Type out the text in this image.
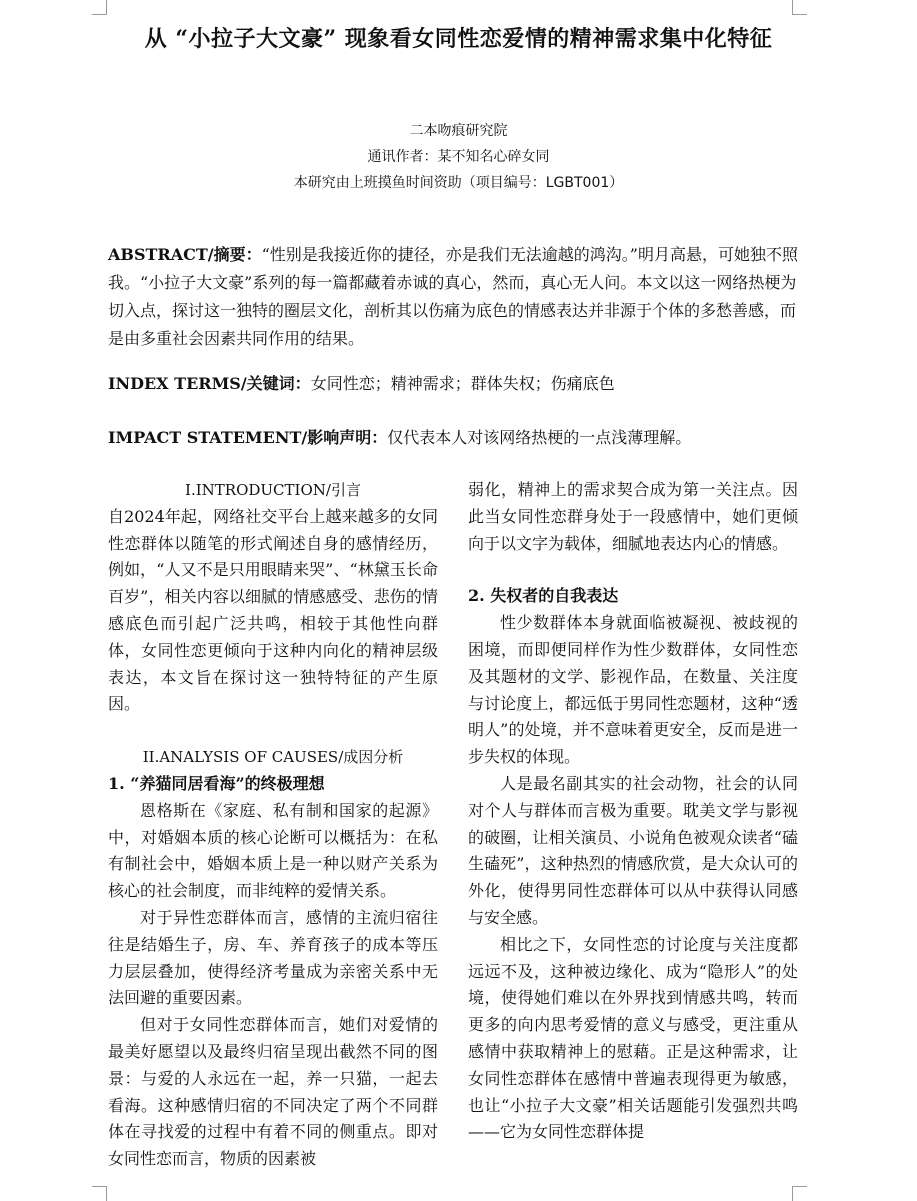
从 “小拉子大文豪” 现象看女同性恋爱情的精神需求集中化特征
二本吻痕研究院
通讯作者：某不知名心碎女同
本研究由上班摸鱼时间资助（项目编号：LGBT001）
ABSTRACT/摘要：“性别是我接近你的捷径，亦是我们无法逾越的鸿沟。”明月高悬，可她独不照我。“小拉子大文豪”系列的每一篇都藏着赤诚的真心，然而，真心无人问。本文以这一网络热梗为切入点，探讨这一独特的圈层文化，剖析其以伤痛为底色的情感表达并非源于个体的多愁善感，而是由多重社会因素共同作用的结果。
INDEX TERMS/关键词：女同性恋；精神需求；群体失权；伤痛底色
IMPACT STATEMENT/影响声明：仅代表本人对该网络热梗的一点浅薄理解。
I.INTRODUCTION/引言

自2024年起，网络社交平台上越来越多的女同性恋群体以随笔的形式阐述自身的感情经历，例如，“人又不是只用眼睛来哭”、“林黛玉长命百岁”，相关内容以细腻的情感感受、悲伤的情感底色而引起广泛共鸣，相较于其他性向群体，女同性恋更倾向于这种内向化的精神层级表达，本文旨在探讨这一独特特征的产生原因。

II.ANALYSIS OF CAUSES/成因分析
1. “养猫同居看海”的终极理想

恩格斯在《家庭、私有制和国家的起源》中，对婚姻本质的核心论断可以概括为：在私有制社会中，婚姻本质上是一种以财产关系为核心的社会制度，而非纯粹的爱情关系。

对于异性恋群体而言，感情的主流归宿往往是结婚生子，房、车、养育孩子的成本等压力层层叠加，使得经济考量成为亲密关系中无法回避的重要因素。

但对于女同性恋群体而言，她们对爱情的最美好愿望以及最终归宿呈现出截然不同的图景：与爱的人永远在一起，养一只猫，一起去看海。这种感情归宿的不同决定了两个不同群体在寻找爱的过程中有着不同的侧重点。即对女同性恋而言，物质的因素被

弱化，精神上的需求契合成为第一关注点。因此当女同性恋群身处于一段感情中，她们更倾向于以文字为载体，细腻地表达内心的情感。

2. 失权者的自我表达

性少数群体本身就面临被凝视、被歧视的困境，而即便同样作为性少数群体，女同性恋及其题材的文学、影视作品，在数量、关注度与讨论度上，都远低于男同性恋题材，这种“透明人”的处境，并不意味着更安全，反而是进一步失权的体现。

人是最名副其实的社会动物，社会的认同对个人与群体而言极为重要。耽美文学与影视的破圈，让相关演员、小说角色被观众读者“磕生磕死”，这种热烈的情感欣赏，是大众认可的外化，使得男同性恋群体可以从中获得认同感与安全感。

相比之下，女同性恋的讨论度与关注度都远远不及，这种被边缘化、成为“隐形人”的处境，使得她们难以在外界找到情感共鸣，转而更多的向内思考爱情的意义与感受，更注重从感情中获取精神上的慰藉。正是这种需求，让女同性恋群体在感情中普遍表现得更为敏感，也让“小拉子大文豪”相关话题能引发强烈共鸣——它为女同性恋群体提
